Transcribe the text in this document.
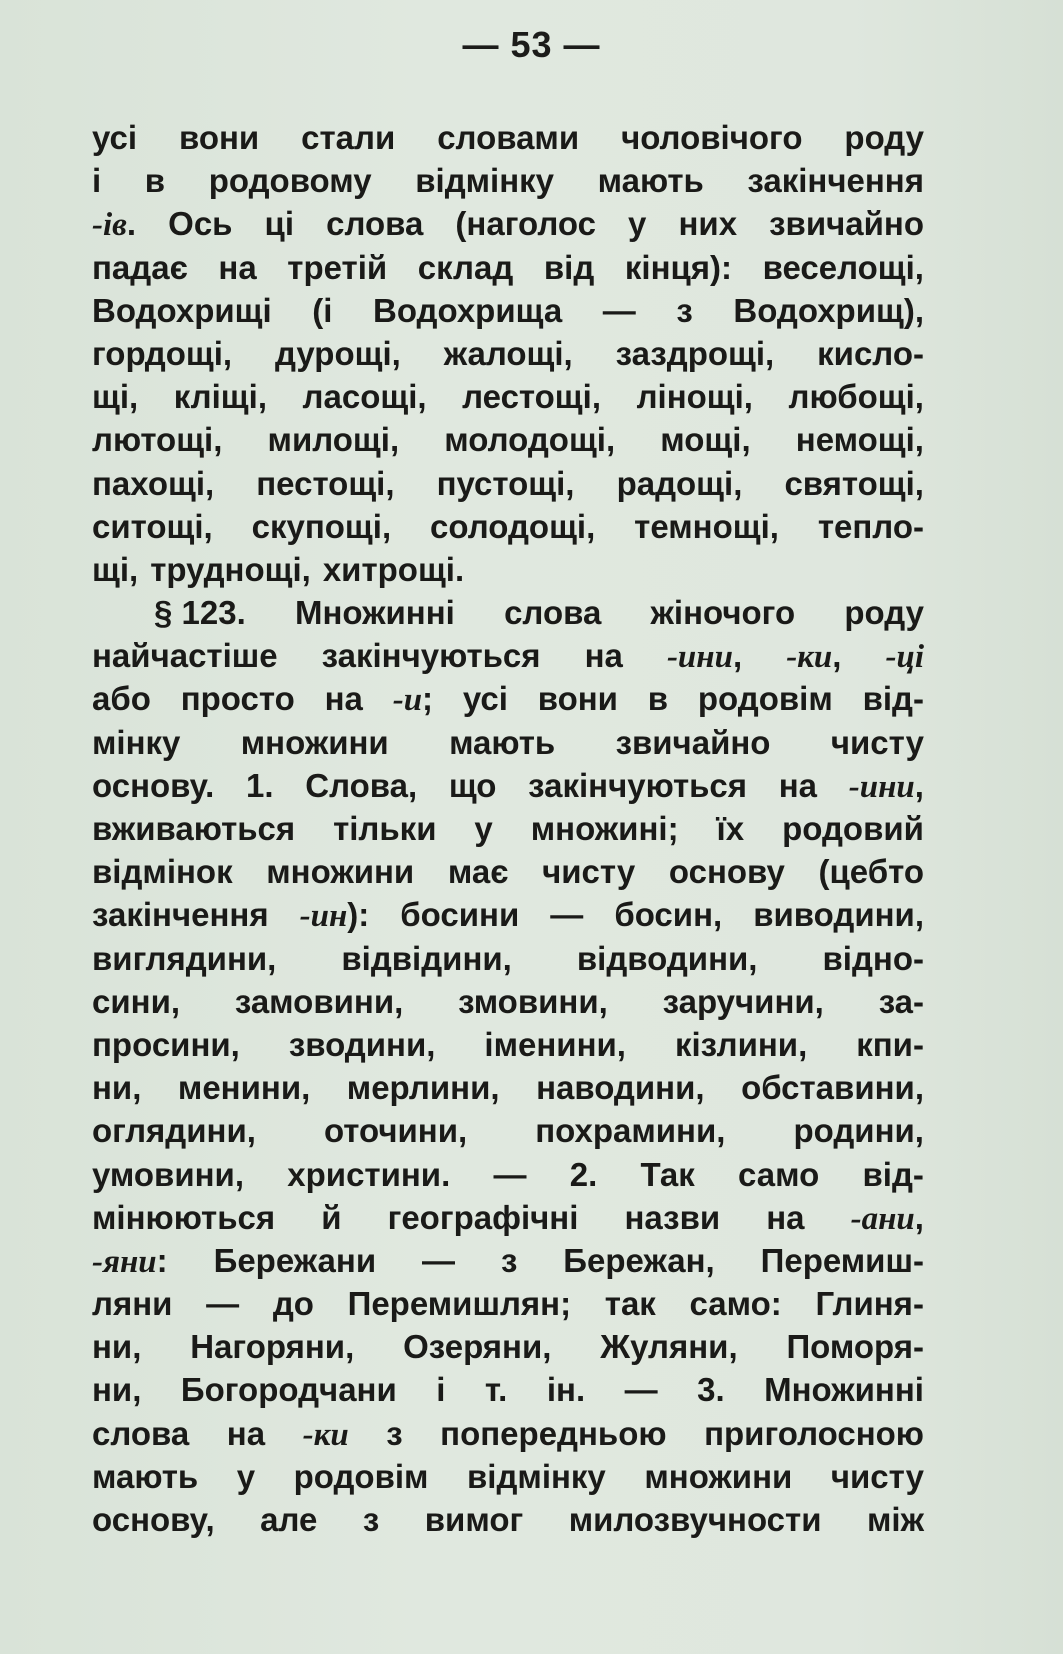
— 53 —
усі вони стали словами чоловічого роду
і в родовому відмінку мають закінчення
-ів. Ось ці слова (наголос у них звичайно
падає на третій склад від кінця): веселощі,
Водохрищі (і Водохрища — з Водохрищ),
гордощі, дурощі, жалощі, заздрощі, кисло-
щі, кліщі, ласощі, лестощі, лінощі, любощі,
лютощі, милощі, молодощі, мощі, немощі,
пахощі, пестощі, пустощі, радощі, святощі,
ситощі, скупощі, солодощі, темнощі, тепло-
щі, труднощі, хитрощі.
§ 123. Множинні слова жіночого роду
найчастіше закінчуються на -ини, -ки, -ці
або просто на -и; усі вони в родовім від-
мінку множини мають звичайно чисту
основу. 1. Слова, що закінчуються на -ини,
вживаються тільки у множині; їх родовий
відмінок множини має чисту основу (цебто
закінчення -ин): босини — босин, виводини,
виглядини, відвідини, відводини, відно-
сини, замовини, змовини, заручини, за-
просини, зводини, іменини, кізлини, кпи-
ни, менини, мерлини, наводини, обставини,
оглядини, оточини, похрамини, родини,
умовини, христини. — 2. Так само від-
мінюються й географічні назви на -ани,
-яни: Бережани — з Бережан, Перемиш-
ляни — до Перемишлян; так само: Глиня-
ни, Нагоряни, Озеряни, Жуляни, Поморя-
ни, Богородчани і т. ін. — 3. Множинні
слова на -ки з попередньою приголосною
мають у родовім відмінку множини чисту
основу, але з вимог милозвучности між
